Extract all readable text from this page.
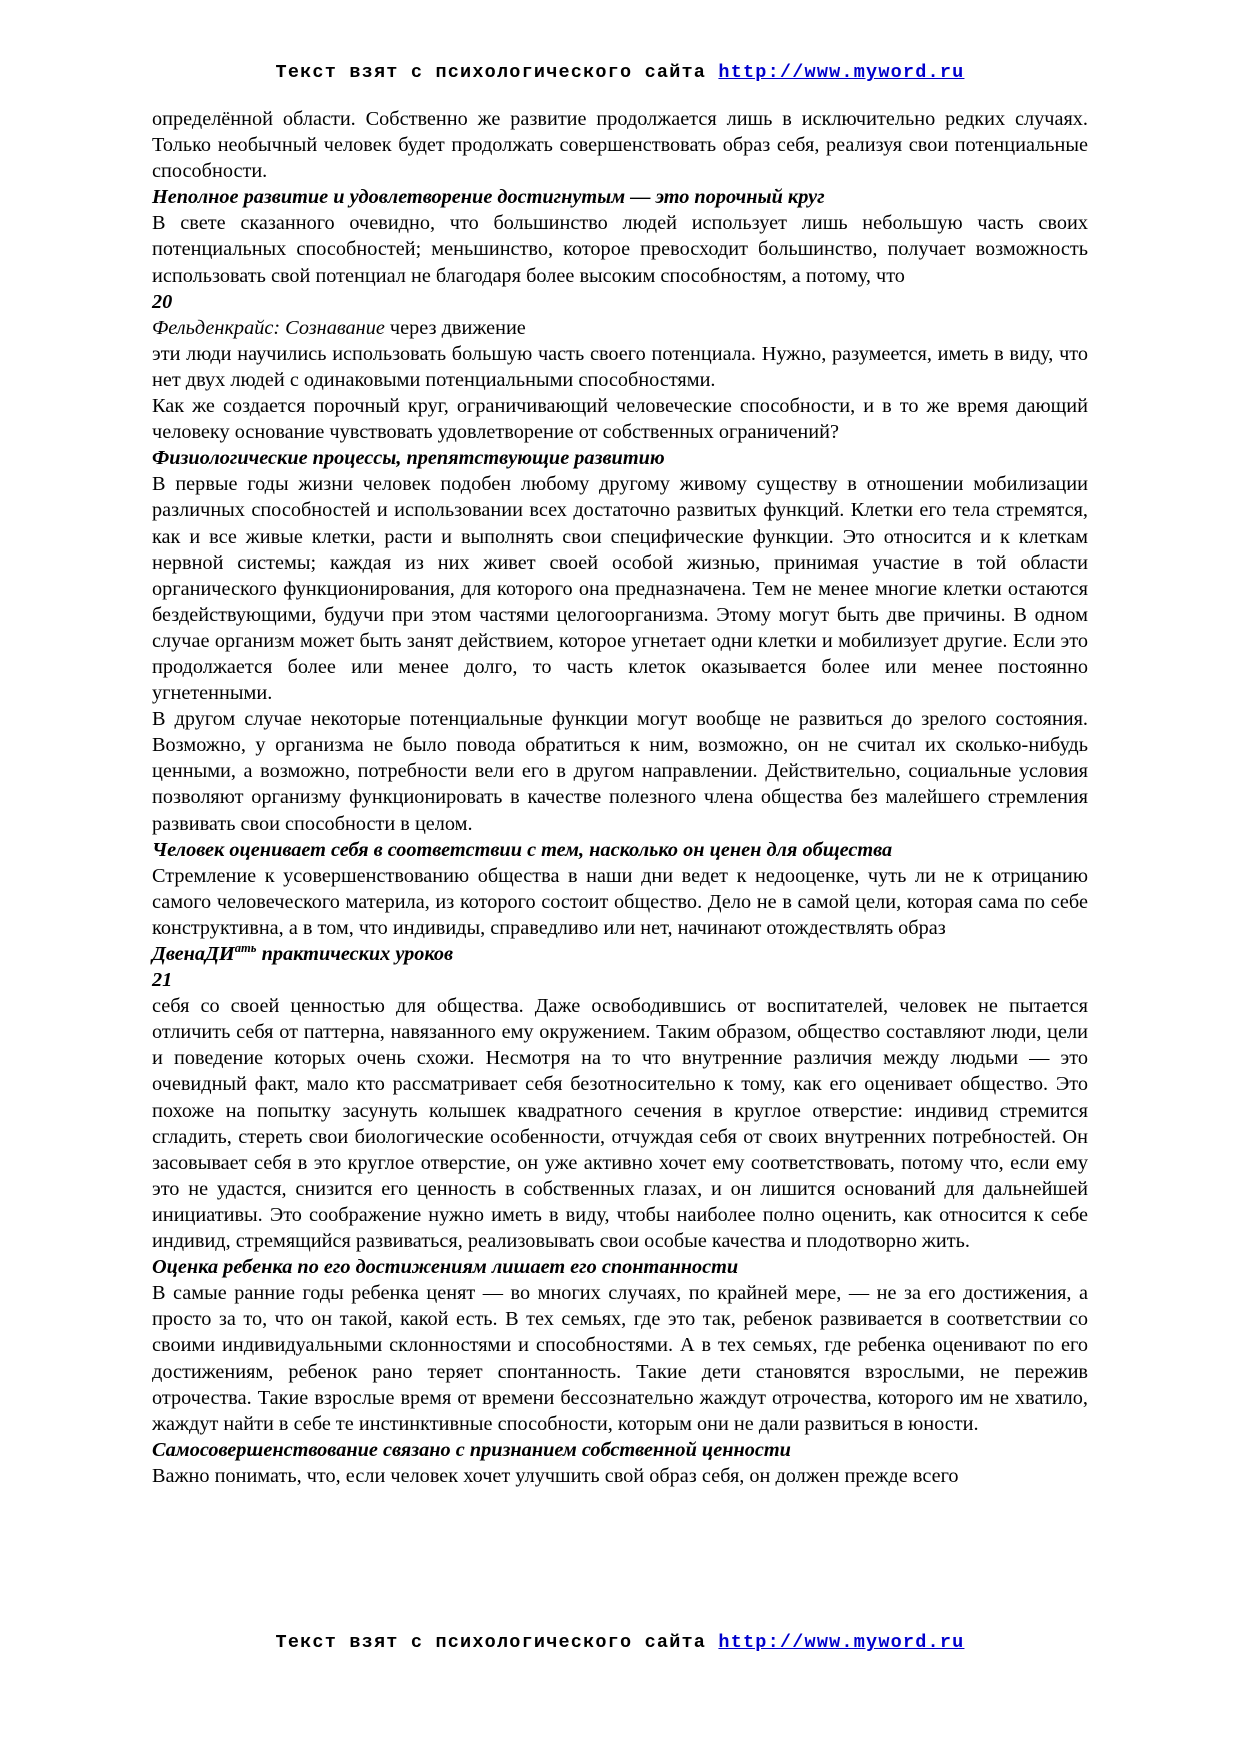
Текст взят с психологического сайта http://www.myword.ru

определённой области. Собственно же развитие продолжается лишь в исключительно редких случаях. Только необычный человек будет продолжать совершенствовать образ себя, реализуя свои потенциальные способности.

Неполное развитие и удовлетворение достигнутым — это порочный круг

В свете сказанного очевидно, что большинство людей использует лишь небольшую часть своих потенциальных способностей; меньшинство, которое превосходит большинство, получает возможность использовать свой потенциал не благодаря более высоким способностям, а потому, что

20

Фельденкрайс: Сознавание через движение

эти люди научились использовать большую часть своего потенциала. Нужно, разумеется, иметь в виду, что нет двух людей с одинаковыми потенциальными способностями.

Как же создается порочный круг, ограничивающий человеческие способности, и в то же время дающий человеку основание чувствовать удовлетворение от собственных ограничений?

Физиологические процессы, препятствующие развитию

В первые годы жизни человек подобен любому другому живому существу в отношении мобилизации различных способностей и использовании всех достаточно развитых функций. Клетки его тела стремятся, как и все живые клетки, расти и выполнять свои специфические функции. Это относится и к клеткам нервной системы; каждая из них живет своей особой жизнью, принимая участие в той области органического функционирования, для которого она предназначена. Тем не менее многие клетки остаются бездействующими, будучи при этом частями целогоорганизма. Этому могут быть две причины. В одном случае организм может быть занят действием, которое угнетает одни клетки и мобилизует другие. Если это продолжается более или менее долго, то часть клеток оказывается более или менее постоянно угнетенными.

В другом случае некоторые потенциальные функции могут вообще не развиться до зрелого состояния. Возможно, у организма не было повода обратиться к ним, возможно, он не считал их сколько-нибудь ценными, а возможно, потребности вели его в другом направлении. Действительно, социальные условия позволяют организму функционировать в качестве полезного члена общества без малейшего стремления развивать свои способности в целом.

Человек оценивает себя в соответствии с тем, насколько он ценен для общества

Стремление к усовершенствованию общества в наши дни ведет к недооценке, чуть ли не к отрицанию самого человеческого материла, из которого состоит общество. Дело не в самой цели, которая сама по себе конструктивна, а в том, что индивиды, справедливо или нет, начинают отождествлять образ

ДвенаДИ$^{ать}$ практических уроков

21

себя со своей ценностью для общества. Даже освободившись от воспитателей, человек не пытается отличить себя от паттерна, навязанного ему окружением. Таким образом, общество составляют люди, цели и поведение которых очень схожи. Несмотря на то что внутренние различия между людьми — это очевидный факт, мало кто рассматривает себя безотносительно к тому, как его оценивает общество. Это похоже на попытку засунуть колышек квадратного сечения в круглое отверстие: индивид стремится сгладить, стереть свои биологические особенности, отчуждая себя от своих внутренних потребностей. Он засовывает себя в это круглое отверстие, он уже активно хочет ему соответствовать, потому что, если ему это не удастся, снизится его ценность в собственных глазах, и он лишится оснований для дальнейшей инициативы. Это соображение нужно иметь в виду, чтобы наиболее полно оценить, как относится к себе индивид, стремящийся развиваться, реализовывать свои особые качества и плодотворно жить.

Оценка ребенка по его достижениям лишает его спонтанности

В самые ранние годы ребенка ценят — во многих случаях, по крайней мере, — не за его достижения, а просто за то, что он такой, какой есть. В тех семьях, где это так, ребенок развивается в соответствии со своими индивидуальными склонностями и способностями. А в тех семьях, где ребенка оценивают по его достижениям, ребенок рано теряет спонтанность. Такие дети становятся взрослыми, не пережив отрочества. Такие взрослые время от времени бессознательно жаждут отрочества, которого им не хватило, жаждут найти в себе те инстинктивные способности, которым они не дали развиться в юности.

Самосовершенствование связано с признанием собственной ценности

Важно понимать, что, если человек хочет улучшить свой образ себя, он должен прежде всего

Текст взят с психологического сайта http://www.myword.ru
